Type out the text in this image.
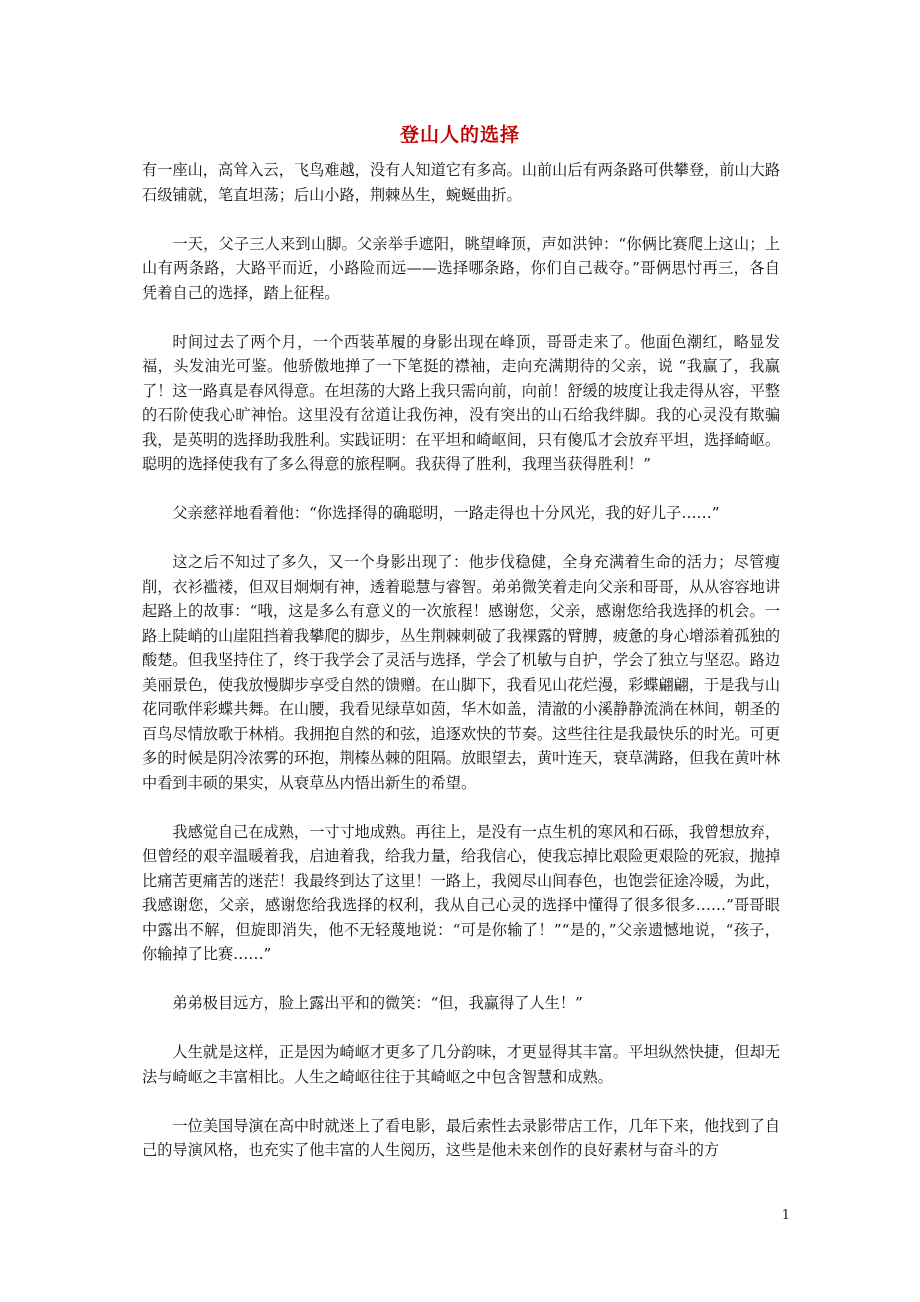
登山人的选择

有一座山，高耸入云，飞鸟难越，没有人知道它有多高。山前山后有两条路可供攀登，前山大路石级铺就，笔直坦荡；后山小路，荆棘丛生，蜿蜒曲折。

一天，父子三人来到山脚。父亲举手遮阳，眺望峰顶，声如洪钟：“你俩比赛爬上这山；上山有两条路，大路平而近，小路险而远——选择哪条路，你们自己裁夺。”哥俩思忖再三，各自凭着自己的选择，踏上征程。

时间过去了两个月，一个西装革履的身影出现在峰顶，哥哥走来了。他面色潮红，略显发福，头发油光可鉴。他骄傲地掸了一下笔挺的襟袖，走向充满期待的父亲，说 “我赢了，我赢了！这一路真是春风得意。在坦荡的大路上我只需向前，向前！舒缓的坡度让我走得从容，平整的石阶使我心旷神怡。这里没有岔道让我伤神，没有突出的山石给我绊脚。我的心灵没有欺骗我，是英明的选择助我胜利。实践证明：在平坦和崎岖间，只有傻瓜才会放弃平坦，选择崎岖。聪明的选择使我有了多么得意的旅程啊。我获得了胜利，我理当获得胜利！”

父亲慈祥地看着他：“你选择得的确聪明，一路走得也十分风光，我的好儿子……”

这之后不知过了多久，又一个身影出现了：他步伐稳健，全身充满着生命的活力；尽管瘦削，衣衫褴褛，但双目炯炯有神，透着聪慧与睿智。弟弟微笑着走向父亲和哥哥，从从容容地讲起路上的故事：“哦，这是多么有意义的一次旅程！感谢您，父亲，感谢您给我选择的机会。一路上陡峭的山崖阻挡着我攀爬的脚步，丛生荆棘刺破了我裸露的臂膊，疲惫的身心增添着孤独的酸楚。但我坚持住了，终于我学会了灵活与选择，学会了机敏与自护，学会了独立与坚忍。路边美丽景色，使我放慢脚步享受自然的馈赠。在山脚下，我看见山花烂漫，彩蝶翩翩，于是我与山花同歌伴彩蝶共舞。在山腰，我看见绿草如茵，华木如盖，清澈的小溪静静流淌在林间，朝圣的百鸟尽情放歌于林梢。我拥抱自然的和弦，追逐欢快的节奏。这些往往是我最快乐的时光。可更多的时候是阴冷浓雾的环抱，荆榛丛棘的阻隔。放眼望去，黄叶连天，衰草满路，但我在黄叶林中看到丰硕的果实，从衰草丛内悟出新生的希望。

我感觉自己在成熟，一寸寸地成熟。再往上，是没有一点生机的寒风和石砾，我曾想放弃，但曾经的艰辛温暖着我，启迪着我，给我力量，给我信心，使我忘掉比艰险更艰险的死寂，抛掉比痛苦更痛苦的迷茫！我最终到达了这里！一路上，我阅尽山间春色，也饱尝征途冷暖，为此，我感谢您，父亲，感谢您给我选择的权利，我从自己心灵的选择中懂得了很多很多……”哥哥眼中露出不解，但旋即消失，他不无轻蔑地说：“可是你输了！”“是的，”父亲遗憾地说，“孩子，你输掉了比赛……”

弟弟极目远方，脸上露出平和的微笑：“但，我赢得了人生！”

人生就是这样，正是因为崎岖才更多了几分韵味，才更显得其丰富。平坦纵然快捷，但却无法与崎岖之丰富相比。人生之崎岖往往于其崎岖之中包含智慧和成熟。

一位美国导演在高中时就迷上了看电影，最后索性去录影带店工作，几年下来，他找到了自己的导演风格，也充实了他丰富的人生阅历，这些是他未来创作的良好素材与奋斗的方

1
